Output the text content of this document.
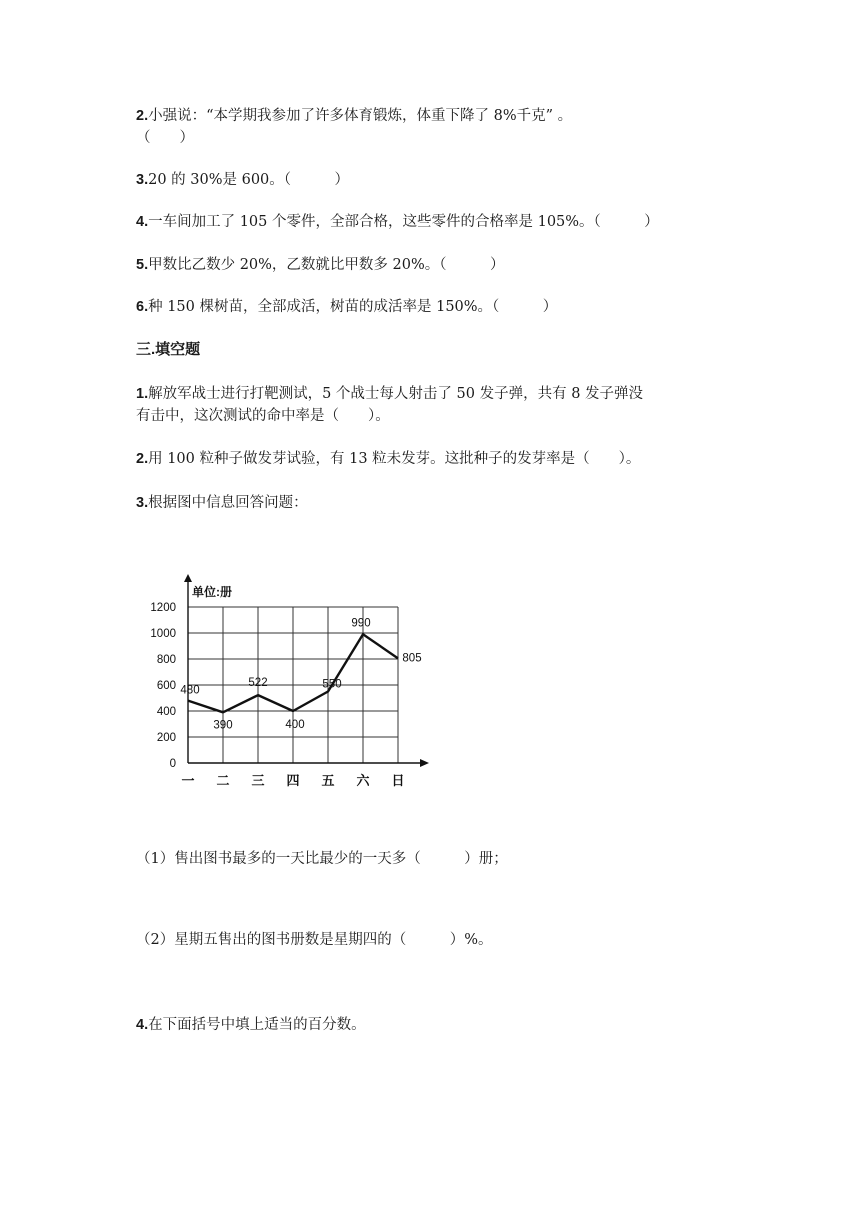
2.小强说：“本学期我参加了许多体育锻炼，体重下降了 8%千克” 。
（　　）
3.20 的 30%是 600。（　　　）
4.一车间加工了 105 个零件，全部合格，这些零件的合格率是 105%。（　　　）
5.甲数比乙数少 20%，乙数就比甲数多 20%。（　　　）
6.种 150 棵树苗，全部成活，树苗的成活率是 150%。（　　　）
三.填空题
1.解放军战士进行打靶测试，5 个战士每人射击了 50 发子弹，共有 8 发子弹没
有击中，这次测试的命中率是（　　）。
2.用 100 粒种子做发芽试验，有 13 粒未发芽。这批种子的发芽率是（　　）。
3.根据图中信息回答问题：
0
200
400
600
800
1000
1200
一 二 三 四 五 六 日
480
390
522
400
550
990
805
单位:册
（1）售出图书最多的一天比最少的一天多（　　　）册；
（2）星期五售出的图书册数是星期四的（　　　）%。
4.在下面括号中填上适当的百分数。
